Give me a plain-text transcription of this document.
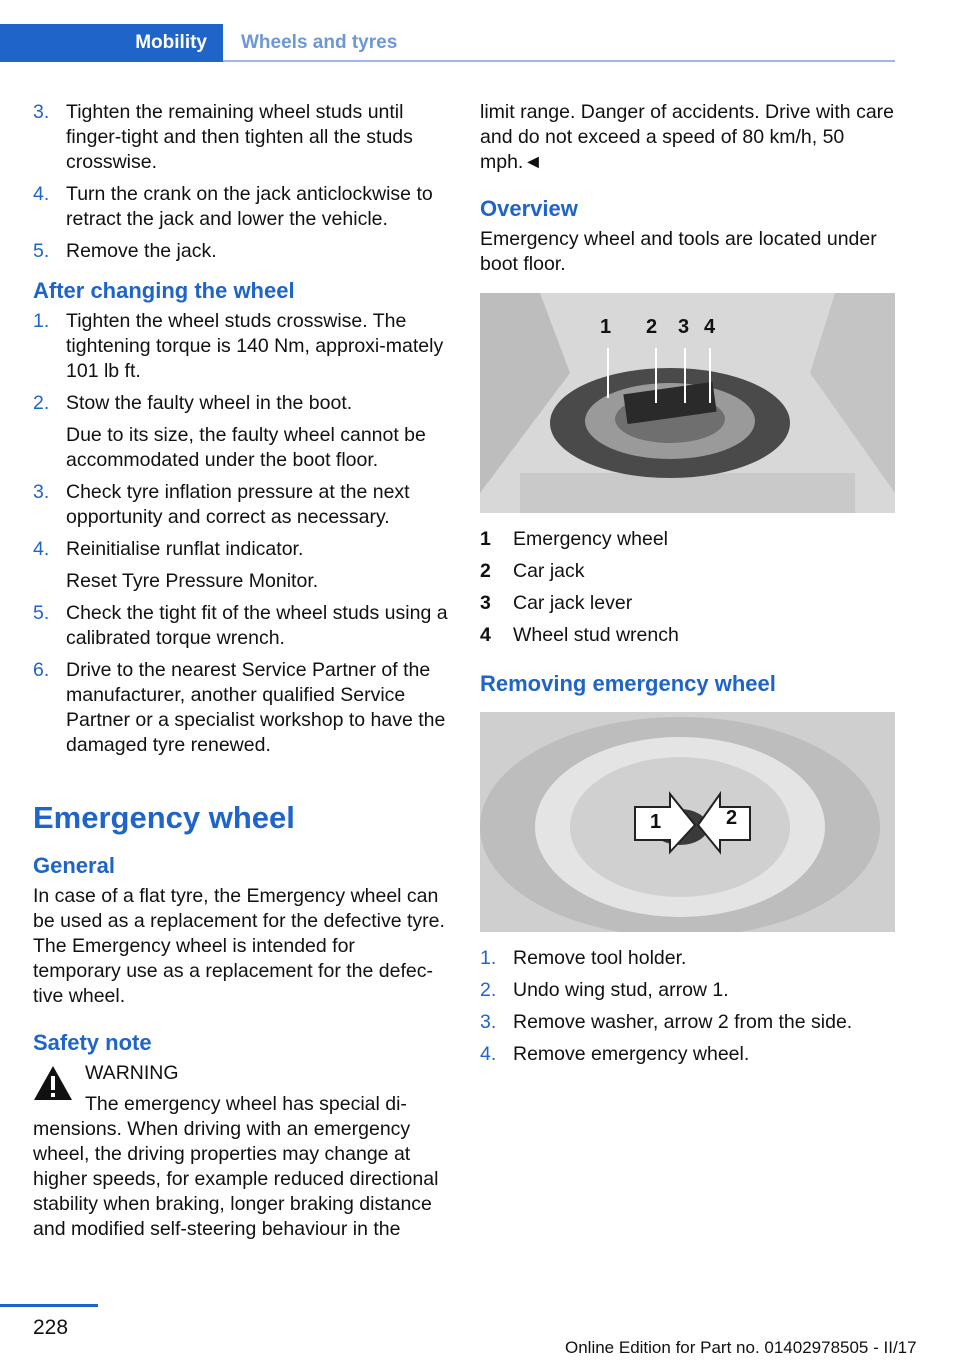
Mobility	Wheels and tyres
3. Tighten the remaining wheel studs until finger-tight and then tighten all the studs crosswise.
4. Turn the crank on the jack anticlockwise to retract the jack and lower the vehicle.
5. Remove the jack.
After changing the wheel
1. Tighten the wheel studs crosswise. The tightening torque is 140 Nm, approxi‐mately 101 lb ft.
2. Stow the faulty wheel in the boot.
Due to its size, the faulty wheel cannot be accommodated under the boot floor.
3. Check tyre inflation pressure at the next opportunity and correct as necessary.
4. Reinitialise runflat indicator.
Reset Tyre Pressure Monitor.
5. Check the tight fit of the wheel studs using a calibrated torque wrench.
6. Drive to the nearest Service Partner of the manufacturer, another qualified Service Partner or a specialist workshop to have the damaged tyre renewed.
Emergency wheel
General

In case of a flat tyre, the Emergency wheel can be used as a replacement for the defective tyre. The Emergency wheel is intended for temporary use as a replacement for the defec‐tive wheel.

Safety note
WARNING
The emergency wheel has special di‐
mensions. When driving with an emergency wheel, the driving properties may change at higher speeds, for example reduced directional stability when braking, longer braking distance and modified self-steering behaviour in the

limit range. Danger of accidents. Drive with care and do not exceed a speed of 80 km/h, 50 mph.◄

Overview

Emergency wheel and tools are located under boot floor.

1 2 3 4
1	Emergency wheel
2	Car jack
3	Car jack lever
4	Wheel stud wrench
Removing emergency wheel
1	2
1. Remove tool holder.
2. Undo wing stud, arrow 1.
3. Remove washer, arrow 2 from the side.
4. Remove emergency wheel.
228
Online Edition for Part no. 01402978505 - II/17
